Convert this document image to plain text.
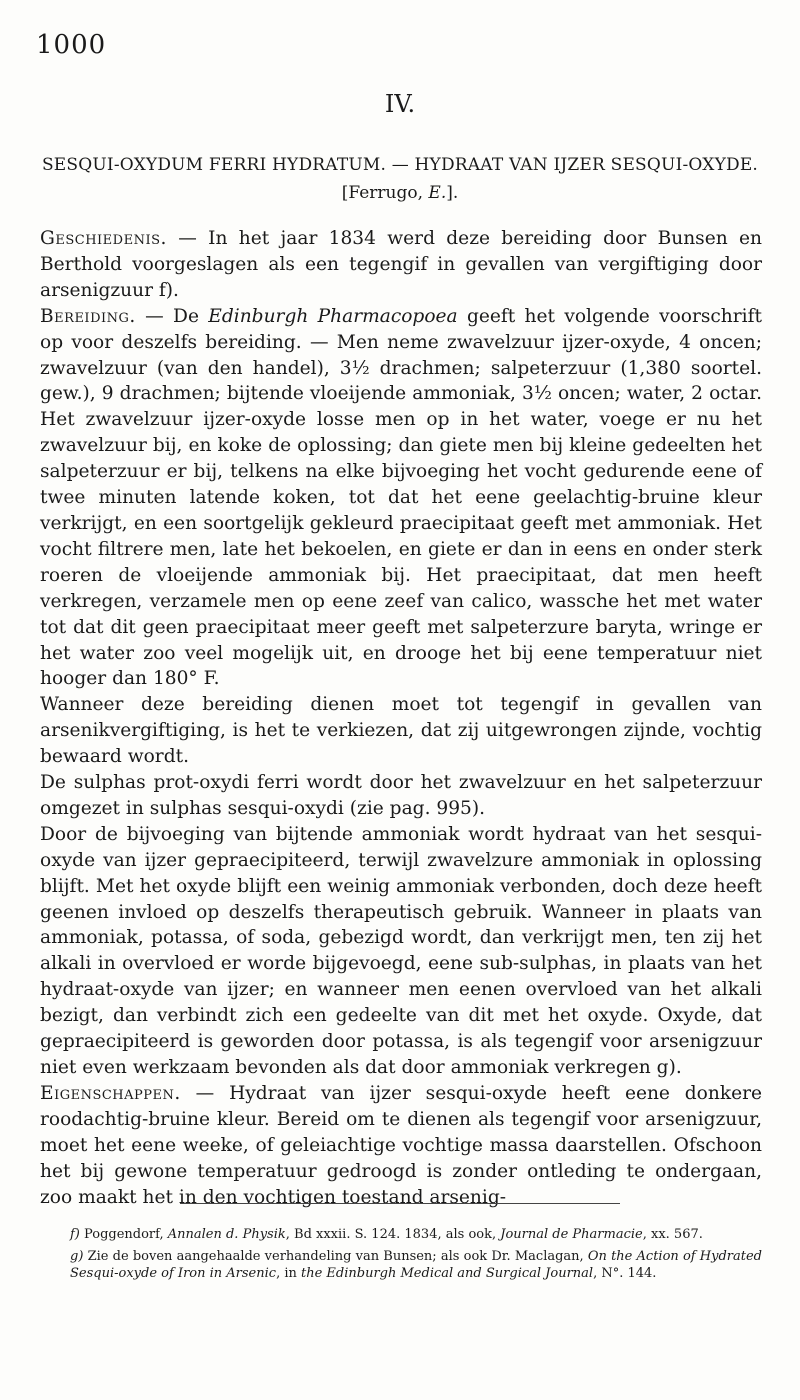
1000
IV.
SESQUI-OXYDUM FERRI HYDRATUM. — HYDRAAT VAN IJZER SESQUI-OXYDE.
[Ferrugo, E.].

Geschiedenis. — In het jaar 1834 werd deze bereiding door Bunsen en Berthold voorgeslagen als een tegengif in gevallen van vergiftiging door arsenigzuur f).

Bereiding. — De Edinburgh Pharmacopoea geeft het volgende voorschrift op voor deszelfs bereiding. — Men neme zwavelzuur ijzer-oxyde, 4 oncen; zwavelzuur (van den handel), 3½ drachmen; salpeterzuur (1,380 soortel. gew.), 9 drachmen; bijtende vloeijende ammoniak, 3½ oncen; water, 2 octar. Het zwavelzuur ijzer-oxyde losse men op in het water, voege er nu het zwavelzuur bij, en koke de oplossing; dan giete men bij kleine gedeelten het salpeterzuur er bij, telkens na elke bijvoeging het vocht gedurende eene of twee minuten latende koken, tot dat het eene geelachtig-bruine kleur verkrijgt, en een soortgelijk gekleurd praecipitaat geeft met ammoniak. Het vocht filtrere men, late het bekoelen, en giete er dan in eens en onder sterk roeren de vloeijende ammoniak bij. Het praecipitaat, dat men heeft verkregen, verzamele men op eene zeef van calico, wassche het met water tot dat dit geen praecipitaat meer geeft met salpeterzure baryta, wringe er het water zoo veel mogelijk uit, en drooge het bij eene temperatuur niet hooger dan 180° F.

Wanneer deze bereiding dienen moet tot tegengif in gevallen van arsenikvergiftiging, is het te verkiezen, dat zij uitgewrongen zijnde, vochtig bewaard wordt.

De sulphas prot-oxydi ferri wordt door het zwavelzuur en het salpeterzuur omgezet in sulphas sesqui-oxydi (zie pag. 995).

Door de bijvoeging van bijtende ammoniak wordt hydraat van het sesqui-oxyde van ijzer gepraecipiteerd, terwijl zwavelzure ammoniak in oplossing blijft. Met het oxyde blijft een weinig ammoniak verbonden, doch deze heeft geenen invloed op deszelfs therapeutisch gebruik. Wanneer in plaats van ammoniak, potassa, of soda, gebezigd wordt, dan verkrijgt men, ten zij het alkali in overvloed er worde bijgevoegd, eene sub-sulphas, in plaats van het hydraat-oxyde van ijzer; en wanneer men eenen overvloed van het alkali bezigt, dan verbindt zich een gedeelte van dit met het oxyde. Oxyde, dat gepraecipiteerd is geworden door potassa, is als tegengif voor arsenigzuur niet even werkzaam bevonden als dat door ammoniak verkregen g).

Eigenschappen. — Hydraat van ijzer sesqui-oxyde heeft eene donkere roodachtig-bruine kleur. Bereid om te dienen als tegengif voor arsenigzuur, moet het eene weeke, of geleiachtige vochtige massa daarstellen. Ofschoon het bij gewone temperatuur gedroogd is zonder ontleding te ondergaan, zoo maakt het in den vochtigen toestand arsenig-

f) Poggendorf, Annalen d. Physik, Bd xxxii. S. 124. 1834, als ook, Journal de Pharmacie, xx. 567.

g) Zie de boven aangehaalde verhandeling van Bunsen; als ook Dr. Maclagan, On the Action of Hydrated Sesqui-oxyde of Iron in Arsenic, in the Edinburgh Medical and Surgical Journal, N°. 144.
